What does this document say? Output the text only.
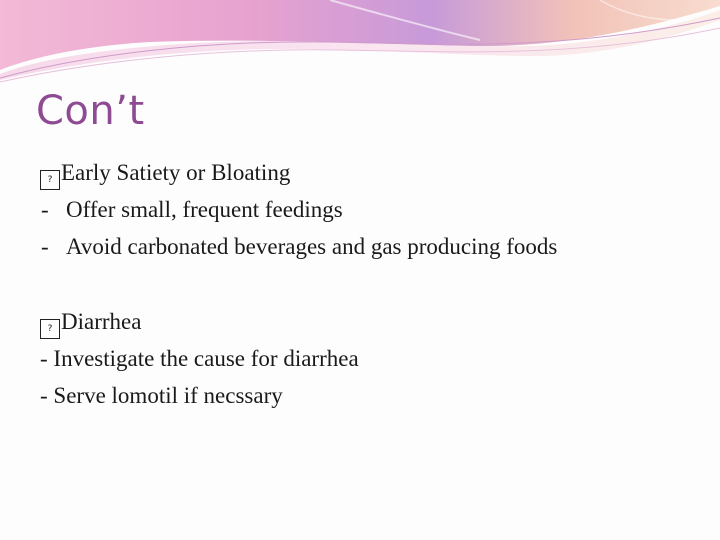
Con’t
? Early Satiety or Bloating
- Offer small, frequent feedings
- Avoid carbonated beverages and gas producing foods
? Diarrhea
- Investigate the cause for diarrhea
- Serve lomotil if necssary
